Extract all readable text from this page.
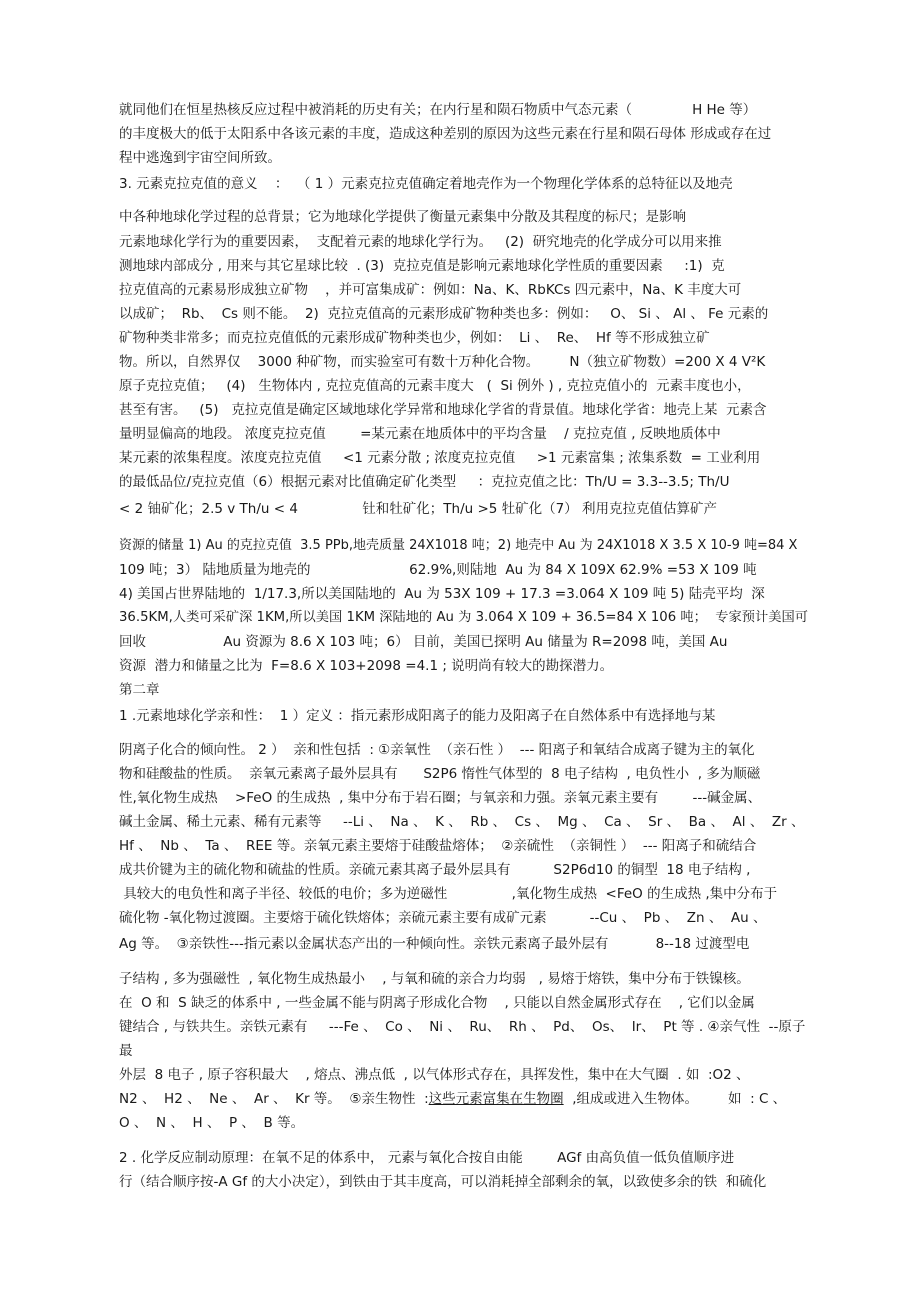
就同他们在恒星热核反应过程中被消耗的历史有关；在内行星和陨石物质中气态元素（              H He 等）
的丰度极大的低于太阳系中各该元素的丰度，造成这种差别的原因为这些元素在行星和陨石母体 形成或存在过
程中逃逸到宇宙空间所致。
3. 元素克拉克值的意义    ：  （ 1 ）元素克拉克值确定着地壳作为一个物理化学体系的总特征以及地壳
中各种地球化学过程的总背景；它为地球化学提供了衡量元素集中分散及其程度的标尺；是影响
元素地球化学行为的重要因素，  支配着元素的地球化学行为。   (2)  研究地壳的化学成分可以用来推
测地球内部成分 , 用来与其它星球比较  . (3)  克拉克值是影响元素地球化学性质的重要因素     :1)  克
拉克值高的元素易形成独立矿物    ，并可富集成矿：例如：Na、K、RbKCs 四元素中，Na、K 丰度大可
以成矿；  Rb、  Cs 则不能。  2)  克拉克值高的元素形成矿物种类也多：例如：   O、 Si 、 Al 、 Fe 元素的
矿物种类非常多；而克拉克值低的元素形成矿物种类也少，例如：  Li 、  Re、  Hf 等不形成独立矿
物。所以，自然界仅    3000 种矿物，而实验室可有数十万种化合物。       N（独立矿物数）=200 X 4 V²K
原子克拉克值；   (4)   生物体内 , 克拉克值高的元素丰度大   (  Si 例外 ) , 克拉克值小的  元素丰度也小，
甚至有害。   (5)   克拉克值是确定区域地球化学异常和地球化学省的背景值。地球化学省：地壳上某  元素含
量明显偏高的地段。 浓度克拉克值        =某元素在地质体中的平均含量    / 克拉克值 , 反映地质体中
某元素的浓集程度。浓度克拉克值     <1 元素分散 ; 浓度克拉克值     >1 元素富集 ; 浓集系数  = 工业利用
的最低品位/克拉克值（6）根据元素对比值确定矿化类型     ：克拉克值之比：Th/U = 3.3--3.5; Th/U
< 2 铀矿化；2.5 v Th/u < 4               钍和牡矿化；Th/u >5 牡矿化（7） 利用克拉克值估算矿产
资源的储量 1) Au 的克拉克值  3.5 PPb,地壳质量 24X1018 吨；2) 地壳中 Au 为 24X1018 X 3.5 X 10-9 吨=84 X
109 吨；3） 陆地质量为地壳的                       62.9%,则陆地  Au 为 84 X 109X 62.9% =53 X 109 吨
4) 美国占世界陆地的  1/17.3,所以美国陆地的  Au 为 53X 109 + 17.3 =3.064 X 109 吨 5) 陆壳平均  深
36.5KM,人类可采矿深 1KM,所以美国 1KM 深陆地的 Au 为 3.064 X 109 + 36.5=84 X 106 吨；  专家预计美国可
回收                  Au 资源为 8.6 X 103 吨；6） 目前，美国已探明 Au 储量为 R=2098 吨，美国 Au
资源  潜力和储量之比为  F=8.6 X 103+2098 =4.1 ; 说明尚有较大的勘探潜力。
第二章
1 .元素地球化学亲和性：  1 ）定义 ：指元素形成阳离子的能力及阳离子在自然体系中有选择地与某
阴离子化合的倾向性。 2 ）  亲和性包括  : ①亲氧性  （亲石性 ）  --- 阳离子和氧结合成离子键为主的氧化
物和硅酸盐的性质。  亲氧元素离子最外层具有      S2P6 惰性气体型的  8 电子结构  , 电负性小  , 多为顺磁
性,氧化物生成热    >FeO 的生成热  , 集中分布于岩石圈；与氧亲和力强。亲氧元素主要有        ---碱金属、
碱土金属、稀土元素、稀有元素等     --Li 、  Na 、  K 、  Rb 、  Cs 、  Mg 、  Ca 、  Sr 、  Ba 、  Al 、  Zr 、
Hf 、  Nb 、  Ta 、  REE 等。亲氧元素主要熔于硅酸盐熔体；  ②亲硫性  （亲铜性 ）  --- 阳离子和硫结合
成共价键为主的硫化物和硫盐的性质。亲硫元素其离子最外层具有          S2P6d10 的铜型  18 电子结构 ,
具较大的电负性和离子半径、较低的电价；多为逆磁性               ,氧化物生成热  <FeO 的生成热 ,集中分布于
硫化物 -氧化物过渡圈。主要熔于硫化铁熔体；亲硫元素主要有成矿元素          --Cu 、  Pb 、  Zn 、  Au 、
Ag 等。  ③亲铁性---指元素以金属状态产出的一种倾向性。亲铁元素离子最外层有           8--18 过渡型电
子结构 , 多为强磁性  , 氧化物生成热最小    , 与氧和硫的亲合力均弱   , 易熔于熔铁，集中分布于铁镍核。
在  O 和  S 缺乏的体系中 , 一些金属不能与阴离子形成化合物    , 只能以自然金属形式存在    , 它们以金属
键结合 , 与铁共生。亲铁元素有     ---Fe 、  Co 、  Ni 、  Ru、  Rh 、  Pd、  Os、  Ir、  Pt 等 . ④亲气性  --原子
最
外层  8 电子 , 原子容积最大    , 熔点、沸点低  , 以气体形式存在，具挥发性，集中在大气圈  . 如  :O2 、
N2 、  H2 、  Ne 、  Ar 、  Kr 等。  ⑤亲生物性  :这些元素富集在生物圈  ,组成或进入生物体。       如  : C 、
O 、  N 、  H 、  P 、  B 等。
2 . 化学反应制动原理：在氧不足的体系中， 元素与氧化合按自由能        AGf 由高负值一低负值顺序进
行（结合顺序按-A Gf 的大小决定），到铁由于其丰度高，可以消耗掉全部剩余的氧，以致使多余的铁  和硫化
